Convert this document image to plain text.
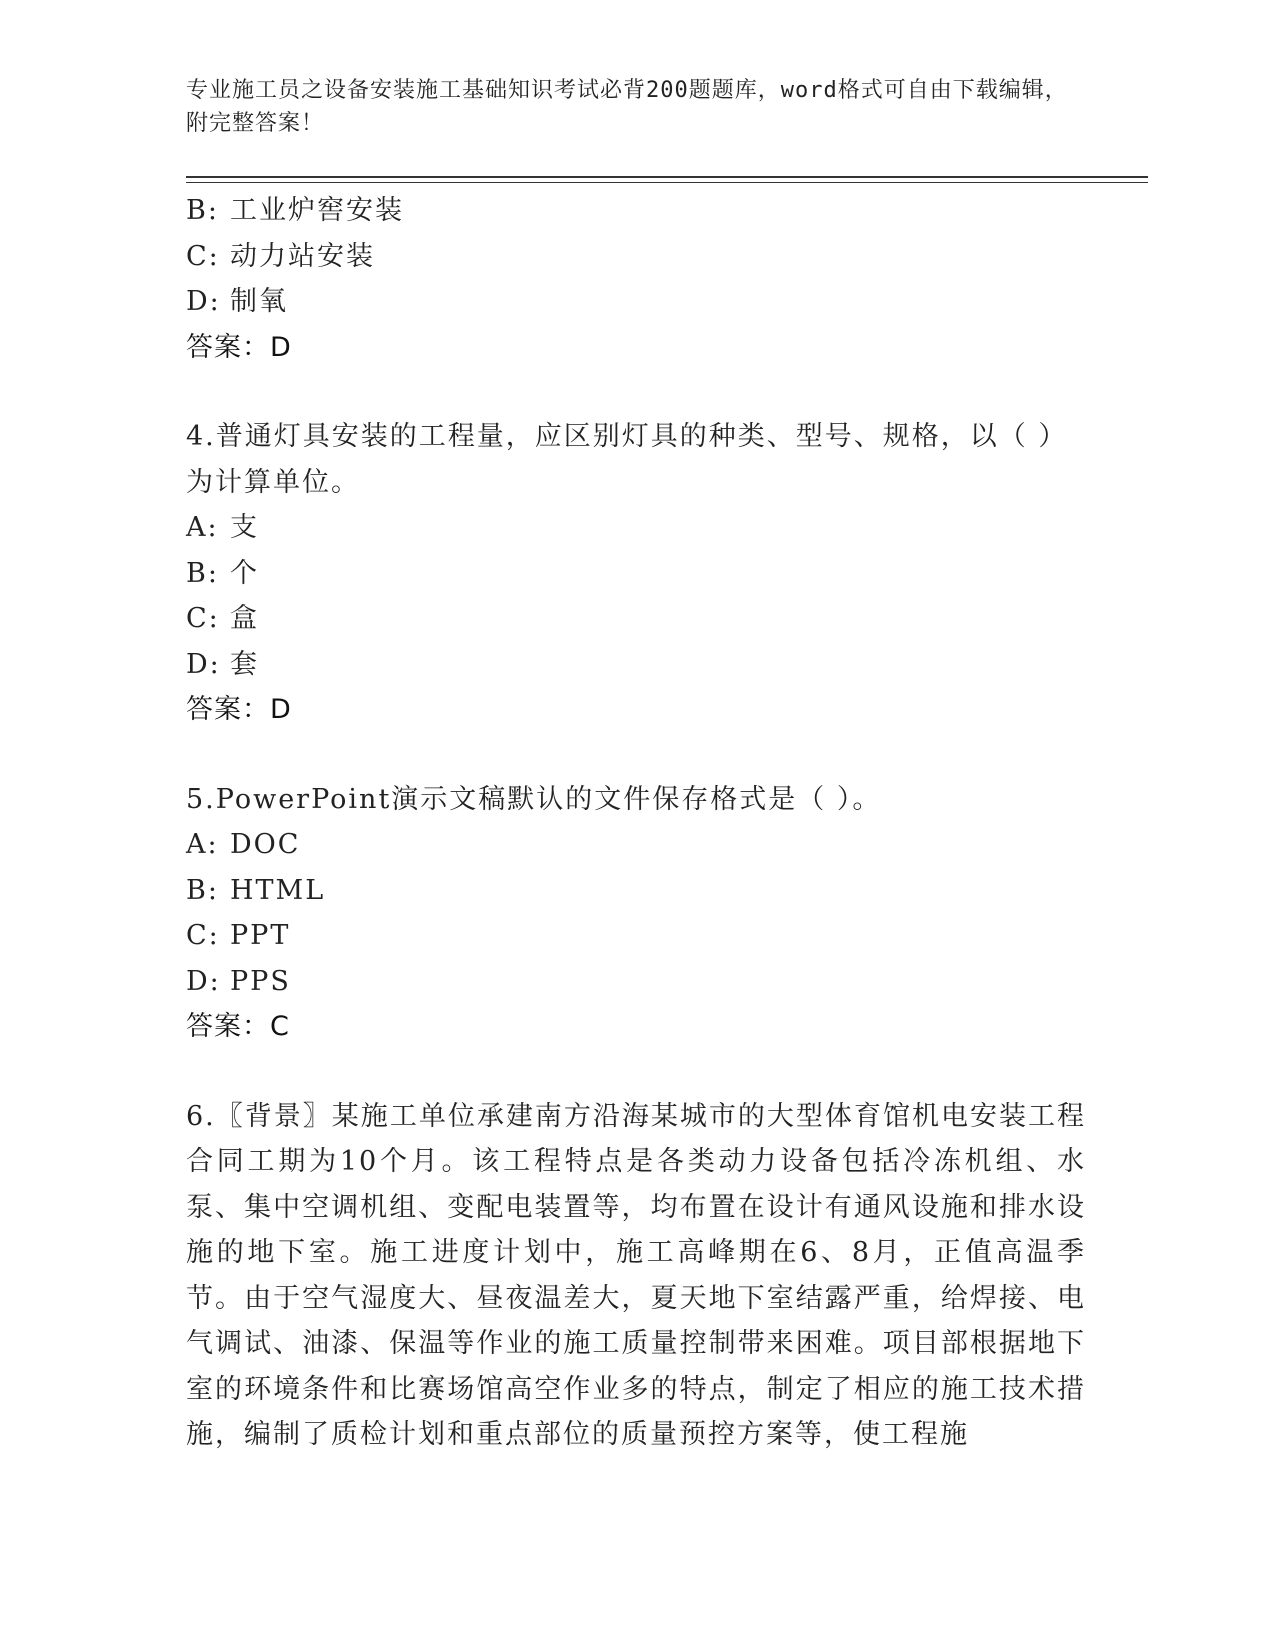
专业施工员之设备安装施工基础知识考试必背200题题库，word格式可自由下载编辑，附完整答案！
B: 工业炉窖安装
C: 动力站安装
D: 制氧
答案：D
4.普通灯具安装的工程量，应区别灯具的种类、型号、规格，以（ ）为计算单位。
A: 支
B: 个
C: 盒
D: 套
答案：D
5.PowerPoint演示文稿默认的文件保存格式是（ ）。
A: DOC
B: HTML
C: PPT
D: PPS
答案：C
6.〖背景〗某施工单位承建南方沿海某城市的大型体育馆机电安装工程合同工期为10个月。该工程特点是各类动力设备包括冷冻机组、水泵、集中空调机组、变配电装置等，均布置在设计有通风设施和排水设施的地下室。施工进度计划中，施工高峰期在6、8月，正值高温季节。由于空气湿度大、昼夜温差大，夏天地下室结露严重，给焊接、电气调试、油漆、保温等作业的施工质量控制带来困难。项目部根据地下室的环境条件和比赛场馆高空作业多的特点，制定了相应的施工技术措施，编制了质检计划和重点部位的质量预控方案等，使工程施
